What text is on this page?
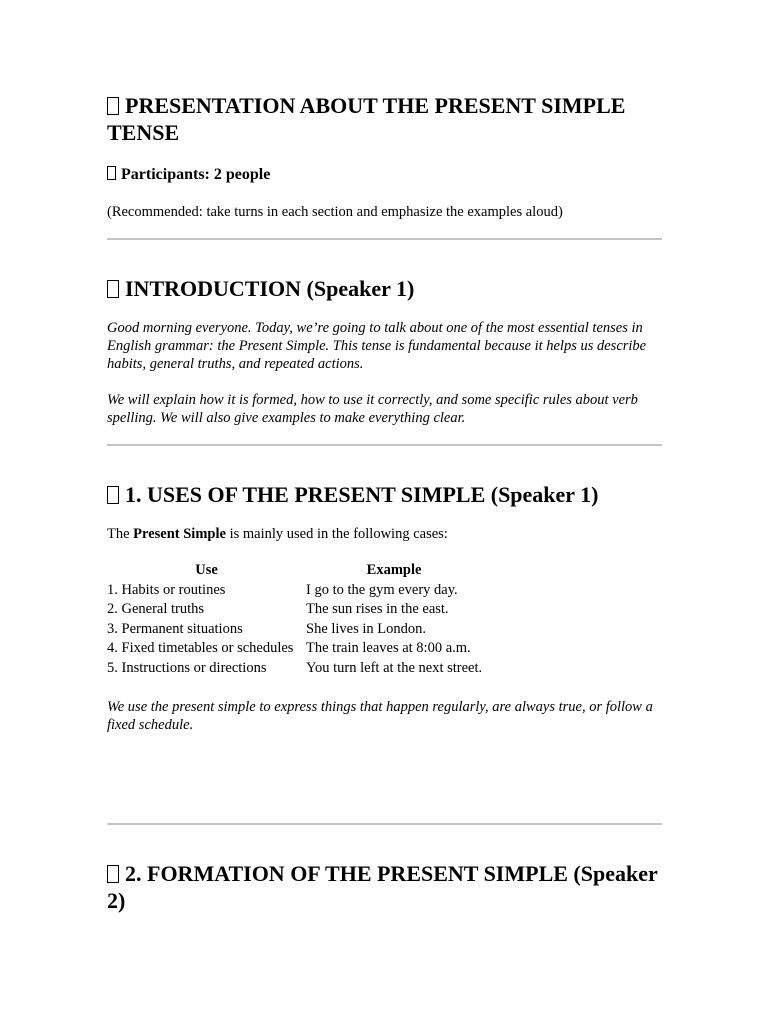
PRESENTATION ABOUT THE PRESENT SIMPLE TENSE
Participants: 2 people

(Recommended: take turns in each section and emphasize the examples aloud)

INTRODUCTION (Speaker 1)

Good morning everyone. Today, we’re going to talk about one of the most essential tenses in English grammar: the Present Simple. This tense is fundamental because it helps us describe habits, general truths, and repeated actions.

We will explain how it is formed, how to use it correctly, and some specific rules about verb spelling. We will also give examples to make everything clear.

1. USES OF THE PRESENT SIMPLE (Speaker 1)

The Present Simple is mainly used in the following cases:

Use	Example
1. Habits or routines	I go to the gym every day.
2. General truths	The sun rises in the east.
3. Permanent situations	She lives in London.
4. Fixed timetables or schedules	The train leaves at 8:00 a.m.
5. Instructions or directions	You turn left at the next street.

We use the present simple to express things that happen regularly, are always true, or follow a fixed schedule.

2. FORMATION OF THE PRESENT SIMPLE (Speaker 2)
